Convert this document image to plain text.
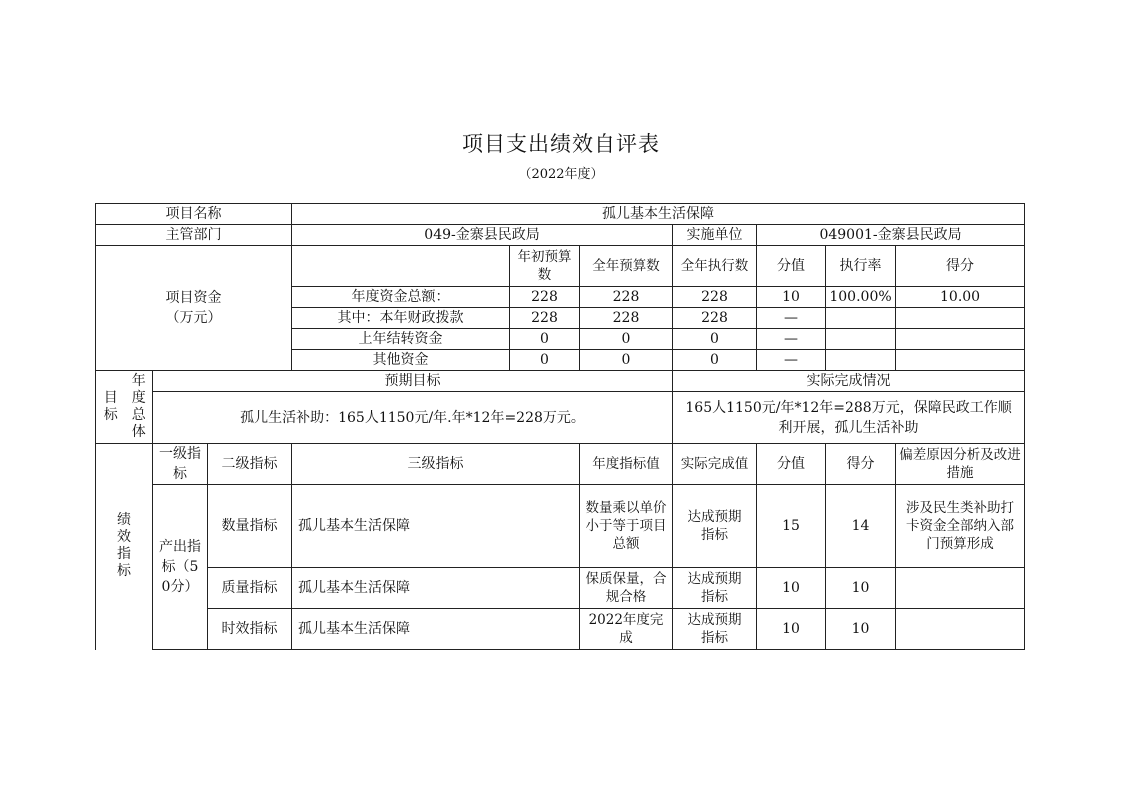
项目支出绩效自评表
（2022年度）
项目名称			孤儿基本生活保障						
主管部门			049-金寨县民政局			实施单位	049001-金寨县民政局		

项目资金
（万元）				年初预算数	全年预算数	全年执行数	分值	执行率	得分
			年度资金总额：	228	228	228	10	100.00%	10.00
			其中：本年财政拨款	228	228	228	—		
			上年结转资金	0	0	0	—		
			其他资金	0	0	0	—		

目标
年度总体	预期目标					实际完成情况			
	孤儿生活补助：165人1150元/年.年*12年=228万元。					165人1150元/年*12年=288万元，保障民政工作顺利开展，孤儿生活补助			
绩效指标	一级指标	二级指标	三级指标		年度指标值	实际完成值	分值	得分	偏差原因分析及改进措施
	产出指标（50分）	数量指标	孤儿基本生活保障		数量乘以单价小于等于项目总额	达成预期指标	15	14	涉及民生类补助打卡资金全部纳入部门预算形成
		质量指标	孤儿基本生活保障		保质保量，合规合格	达成预期指标	10	10	
		时效指标	孤儿基本生活保障		2022年度完成	达成预期指标	10	10	
